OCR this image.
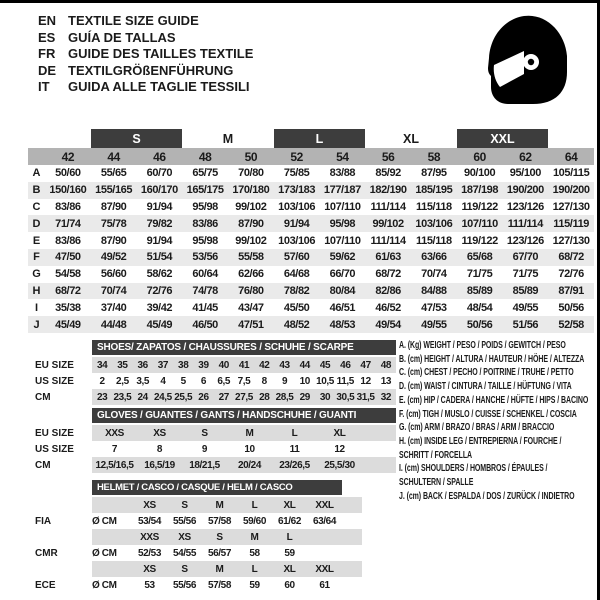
EN TEXTILE SIZE GUIDE
ES GUÍA DE TALLAS
FR GUIDE DES TAILLES TEXTILE
DE TEXTILGRÖßENFÜHRUNG
IT	GUIDA ALLE TAGLIE TESSILI
S	M	L	XL	XXL
42	44	46	48	50	52	54	56	58	60	62	64
A	50/60	55/65	60/70	65/75	70/80	75/85	83/88	85/92	87/95	90/100	95/100	105/115
B 150/160 155/165 160/170 165/175 170/180 173/183 177/187 182/190 185/195 187/198 190/200 190/200
C	83/86	87/90	91/94	95/98	99/102	103/106 107/110 111/114 115/118 119/122 123/126 127/130
D	71/74	75/78	79/82	83/86	87/90	91/94	95/98	99/102	103/106 107/110 111/114 115/119
E	83/86	87/90	91/94	95/98	99/102	103/106 107/110 111/114 115/118 119/122 123/126 127/130
F	47/50	49/52	51/54	53/56	55/58	57/60	59/62	61/63	63/66	65/68	67/70	68/72
G	54/58	56/60	58/62	60/64	62/66	64/68	66/70	68/72	70/74	71/75	71/75	72/76
H	68/72	70/74	72/76	74/78	76/80	78/82	80/84	82/86	84/88	85/89	85/89	87/91
I	35/38	37/40	39/42	41/45	43/47	45/50	46/51	46/52	47/53	48/54	49/55	50/56
J	45/49	44/48	45/49	46/50	47/51	48/52	48/53	49/54	49/55	50/56	51/56	52/58
SHOES/ ZAPATOS / CHAUSSURES / SCHUHE / SCARPE
EU SIZE	34 35 36 37 38 39 40 41 42 43 44 45 46 47 48
US SIZE	2	2,5 3,5	4	5	6	6,5 7,5	8	9	10 10,5 11,5 12 13
CM	23 23,5 24 24,5 25,5 26 27 27,5 28 28,5 29 30 30,5 31,5 32
GLOVES / GUANTES / GANTS / HANDSCHUHE / GUANTI
EU SIZE	XXS	XS	S	M	L	XL
US SIZE	7	8	9	10	11	12
CM	12,5/16,5	16,5/19	18/21,5	20/24	23/26,5	25,5/30
HELMET / CASCO / CASQUE / HELM / CASCO
XS	S	M	L	XL	XXL
FIA	Ø CM	53/54	55/56	57/58	59/60	61/62	63/64
XXS	XS	S	M	L
CMR	Ø CM	52/53	54/55	56/57	58	59
XS	S	M	L	XL	XXL
ECE	Ø CM	53	55/56	57/58	59	60	61
A. (Kg) WEIGHT / PESO / POIDS / GEWITCH / PESO
B. (cm) HEIGHT / ALTURA / HAUTEUR / HÖHE / ALTEZZA
C. (cm) CHEST / PECHO / POITRINE / TRUHE / PETTO
D. (cm) WAIST / CINTURA / TAILLE / HÜFTUNG / VITA
E. (cm) HIP / CADERA / HANCHE / HÜFTE / HIPS / BACINO
F. (cm) TIGH / MUSLO / CUISSE / SCHENKEL / COSCIA
G. (cm) ARM / BRAZO / BRAS / ARM / BRACCIO
H. (cm) INSIDE LEG / ENTREPIERNA / FOURCHE /
SCHRITT / FORCELLA
I. (cm) SHOULDERS / HOMBROS / ÉPAULES /
SCHULTERN / SPALLE
J. (cm) BACK / ESPALDA / DOS / ZURÜCK / INDIETRO
